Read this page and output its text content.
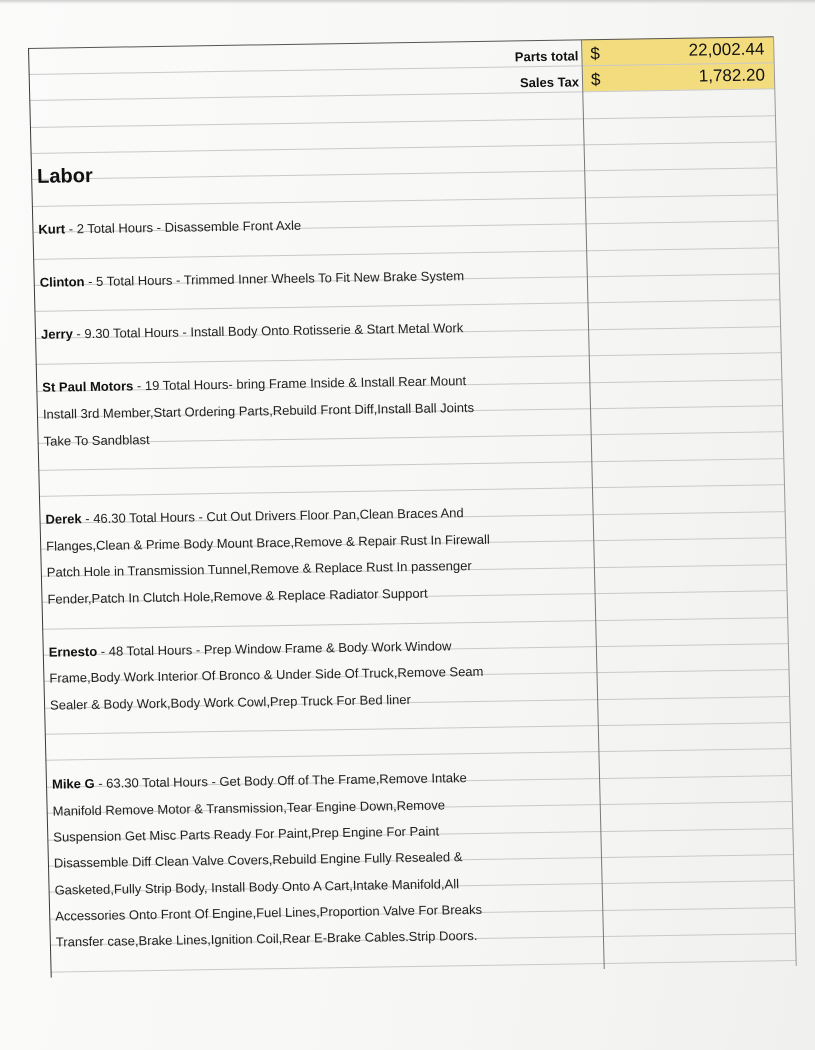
Parts total $	22,002.44
Sales Tax $	1,782.20
Labor
Kurt - 2 Total Hours - Disassemble Front Axle
Clinton - 5 Total Hours - Trimmed Inner Wheels To Fit New Brake System
Jerry - 9.30 Total Hours - Install Body Onto Rotisserie & Start Metal Work
St Paul Motors - 19 Total Hours- bring Frame Inside & Install Rear Mount
Install 3rd Member,Start Ordering Parts,Rebuild Front Diff,Install Ball Joints
Take To Sandblast
Derek - 46.30 Total Hours - Cut Out Drivers Floor Pan,Clean Braces And
Flanges,Clean & Prime Body Mount Brace,Remove & Repair Rust In Firewall
Patch Hole in Transmission Tunnel,Remove & Replace Rust In passenger
Fender,Patch In Clutch Hole,Remove & Replace Radiator Support
Ernesto - 48 Total Hours - Prep Window Frame & Body Work Window
Frame,Body Work Interior Of Bronco & Under Side Of Truck,Remove Seam
Sealer & Body Work,Body Work Cowl,Prep Truck For Bed liner
Mike G - 63.30 Total Hours - Get Body Off of The Frame,Remove Intake
Manifold Remove Motor & Transmission,Tear Engine Down,Remove
Suspension Get Misc Parts Ready For Paint,Prep Engine For Paint
Disassemble Diff Clean Valve Covers,Rebuild Engine Fully Resealed &
Gasketed,Fully Strip Body, Install Body Onto A Cart,Intake Manifold,All
Accessories Onto Front Of Engine,Fuel Lines,Proportion Valve For Breaks
Transfer case,Brake Lines,Ignition Coil,Rear E-Brake Cables.Strip Doors.
